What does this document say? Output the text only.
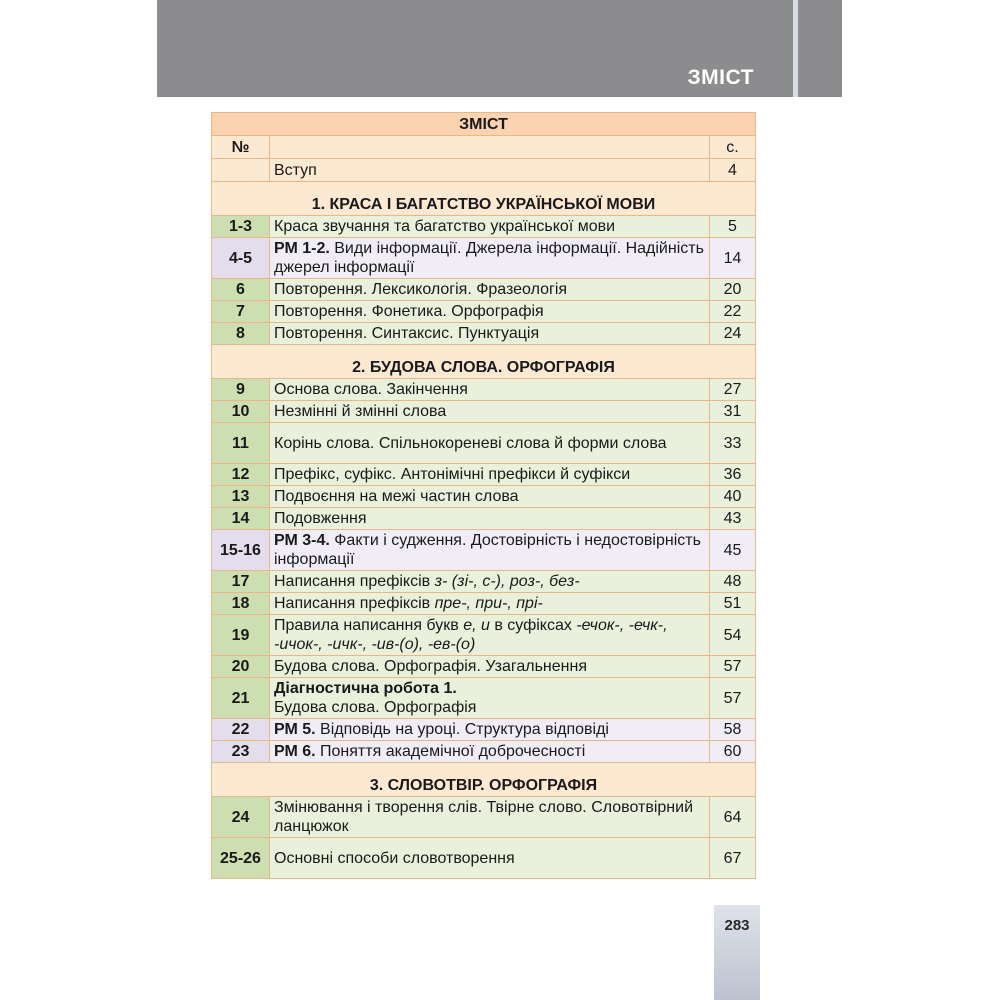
ЗМІСТ
ЗМІСТ		
№		с.
	Вступ	4
1. КРАСА І БАГАТСТВО УКРАЇНСЬКОЇ МОВИ		
1-3	Краса звучання та багатство української мови	5
4-5	РМ 1-2. Види інформації. Джерела інформації. Надійність джерел інформації	14
6	Повторення. Лексикологія. Фразеологія	20
7	Повторення. Фонетика. Орфографія	22
8	Повторення. Синтаксис. Пунктуація	24
2. БУДОВА СЛОВА. ОРФОГРАФІЯ		
9	Основа слова. Закінчення	27
10	Незмінні й змінні слова	31
11	Корінь слова. Спільнокореневі слова й форми слова	33
12	Префікс, суфікс. Антонімічні префікси й суфікси	36
13	Подвоєння на межі частин слова	40
14	Подовження	43
15-16	РМ 3-4. Факти і судження. Достовірність і недостовірність інформації	45
17	Написання префіксів з- (зі-, с-), роз-, без-	48
18	Написання префіксів пре-, при-, прі-	51
19	Правила написання букв е, и в суфіксах -ечок-, -ечк-, -ичок-, -ичк-, -ив-(о), -ев-(о)	54
20	Будова слова. Орфографія. Узагальнення	57
21	Діагностична робота 1.
Будова слова. Орфографія	57
22	РМ 5. Відповідь на уроці. Структура відповіді	58
23	РМ 6. Поняття академічної доброчесності	60
3. СЛОВОТВІР. ОРФОГРАФІЯ		
24	Змінювання і творення слів. Твірне слово. Словотвірний ланцюжок	64
25-26	Основні способи словотворення	67
283
